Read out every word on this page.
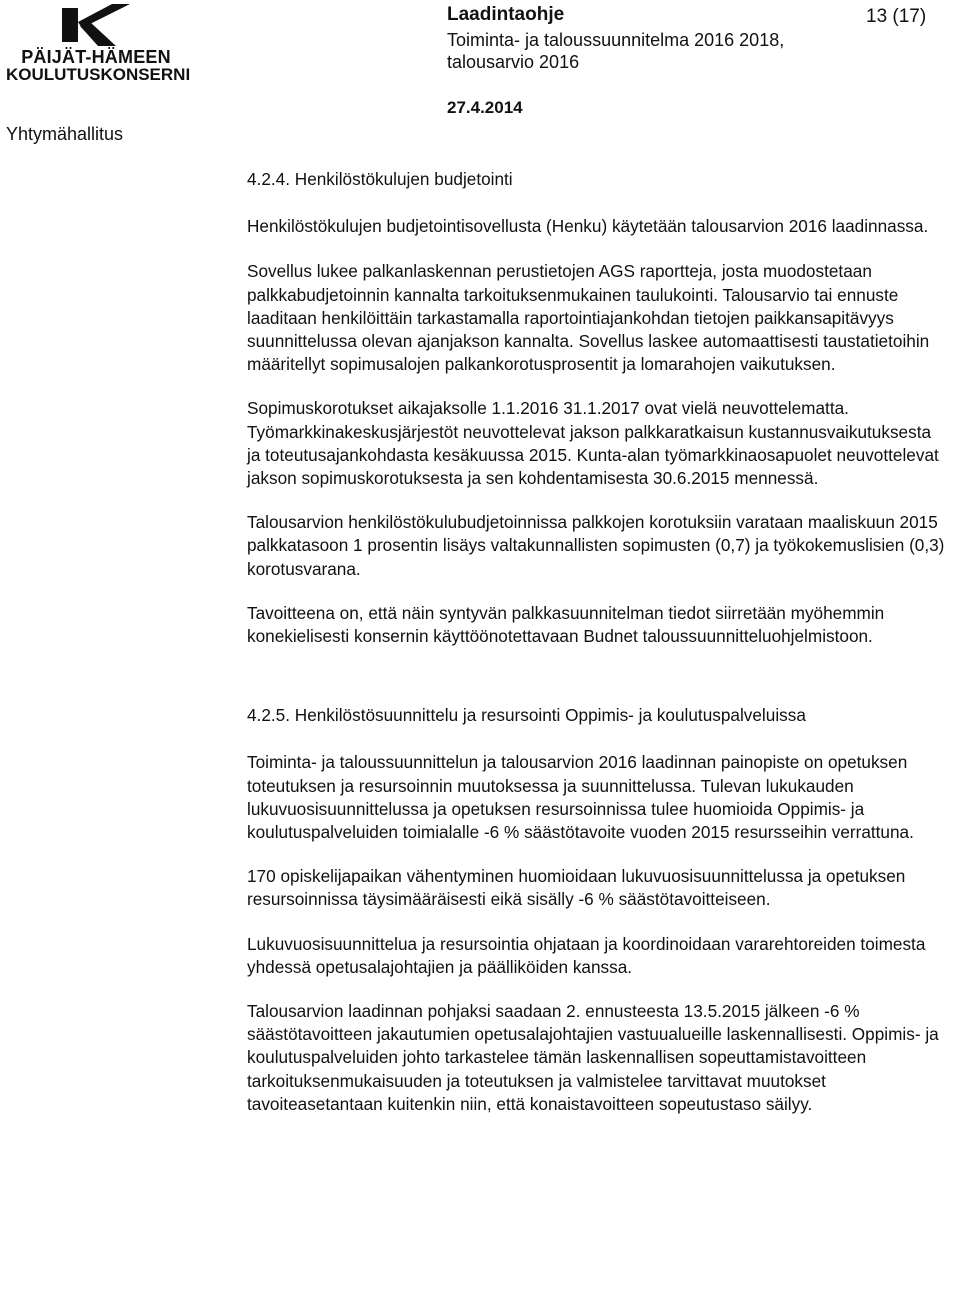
PÄIJÄT-HÄMEEN
KOULUTUSKONSERNI
Yhtymähallitus
Laadintaohje	13 (17)
Toiminta- ja taloussuunnitelma 2016 2018,
talousarvio 2016
27.4.2014

4.2.4. Henkilöstökulujen budjetointi

Henkilöstökulujen budjetointisovellusta (Henku) käytetään talousarvion 2016 laadinnassa.

Sovellus lukee palkanlaskennan perustietojen AGS raportteja, josta muodostetaan palkkabudjetoinnin kannalta tarkoituksenmukainen taulukointi. Talousarvio tai ennuste laaditaan henkilöittäin tarkastamalla raportointiajankohdan tietojen paikkansapitävyys suunnittelussa olevan ajanjakson kannalta. Sovellus laskee automaattisesti taustatietoihin määritellyt sopimusalojen palkankorotusprosentit ja lomarahojen vaikutuksen.

Sopimuskorotukset aikajaksolle 1.1.2016 31.1.2017 ovat vielä neuvottelematta. Työmarkkinakeskusjärjestöt neuvottelevat jakson palkkaratkaisun kustannusvaikutuksesta ja toteutusajankohdasta kesäkuussa 2015. Kunta-alan työmarkkinaosapuolet neuvottelevat jakson sopimuskorotuksesta ja sen kohdentamisesta 30.6.2015 mennessä.

Talousarvion henkilöstökulubudjetoinnissa palkkojen korotuksiin varataan maaliskuun 2015 palkkatasoon 1 prosentin lisäys valtakunnallisten sopimusten (0,7) ja työkokemuslisien (0,3) korotusvarana.

Tavoitteena on, että näin syntyvän palkkasuunnitelman tiedot siirretään myöhemmin konekielisesti konsernin käyttöönotettavaan Budnet taloussuunnitteluohjelmistoon.

4.2.5. Henkilöstösuunnittelu ja resursointi Oppimis- ja koulutuspalveluissa

Toiminta- ja taloussuunnittelun ja talousarvion 2016 laadinnan painopiste on opetuksen toteutuksen ja resursoinnin muutoksessa ja suunnittelussa. Tulevan lukukauden lukuvuosisuunnittelussa ja opetuksen resursoinnissa tulee huomioida Oppimis- ja koulutuspalveluiden toimialalle -6 % säästötavoite vuoden 2015 resursseihin verrattuna.

170 opiskelijapaikan vähentyminen huomioidaan lukuvuosisuunnittelussa ja opetuksen resursoinnissa täysimääräisesti eikä sisälly -6 % säästötavoitteiseen.

Lukuvuosisuunnittelua ja resursointia ohjataan ja koordinoidaan vararehtoreiden toimesta yhdessä opetusalajohtajien ja päälliköiden kanssa.

Talousarvion laadinnan pohjaksi saadaan 2. ennusteesta 13.5.2015 jälkeen -6 % säästötavoitteen jakautumien opetusalajohtajien vastuualueille laskennallisesti. Oppimis- ja koulutuspalveluiden johto tarkastelee tämän laskennallisen sopeuttamistavoitteen tarkoituksenmukaisuuden ja toteutuksen ja valmistelee tarvittavat muutokset tavoiteasetantaan kuitenkin niin, että konaistavoitteen sopeutustaso säilyy.
